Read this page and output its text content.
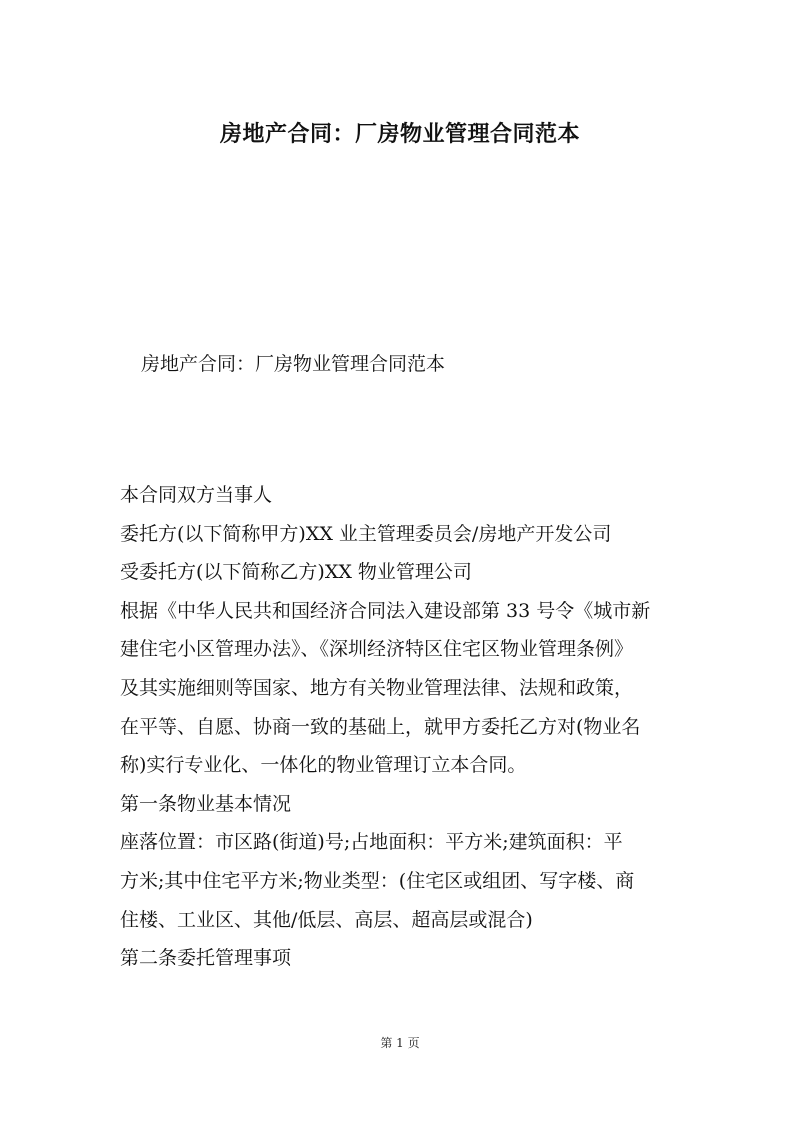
房地产合同：厂房物业管理合同范本
房地产合同：厂房物业管理合同范本

本合同双方当事人

委托方(以下简称甲方)XX 业主管理委员会/房地产开发公司

受委托方(以下简称乙方)XX 物业管理公司

根据《中华人民共和国经济合同法入建设部第 33 号令《城市新

建住宅小区管理办法》、《深圳经济特区住宅区物业管理条例》

及其实施细则等国家、地方有关物业管理法律、法规和政策，

在平等、自愿、协商一致的基础上，就甲方委托乙方对(物业名

称)实行专业化、一体化的物业管理订立本合同。

第一条物业基本情况

座落位置：市区路(街道)号;占地面积：平方米;建筑面积：平

方米;其中住宅平方米;物业类型：(住宅区或组团、写字楼、商

住楼、工业区、其他/低层、高层、超高层或混合)

第二条委托管理事项

第 1 页
